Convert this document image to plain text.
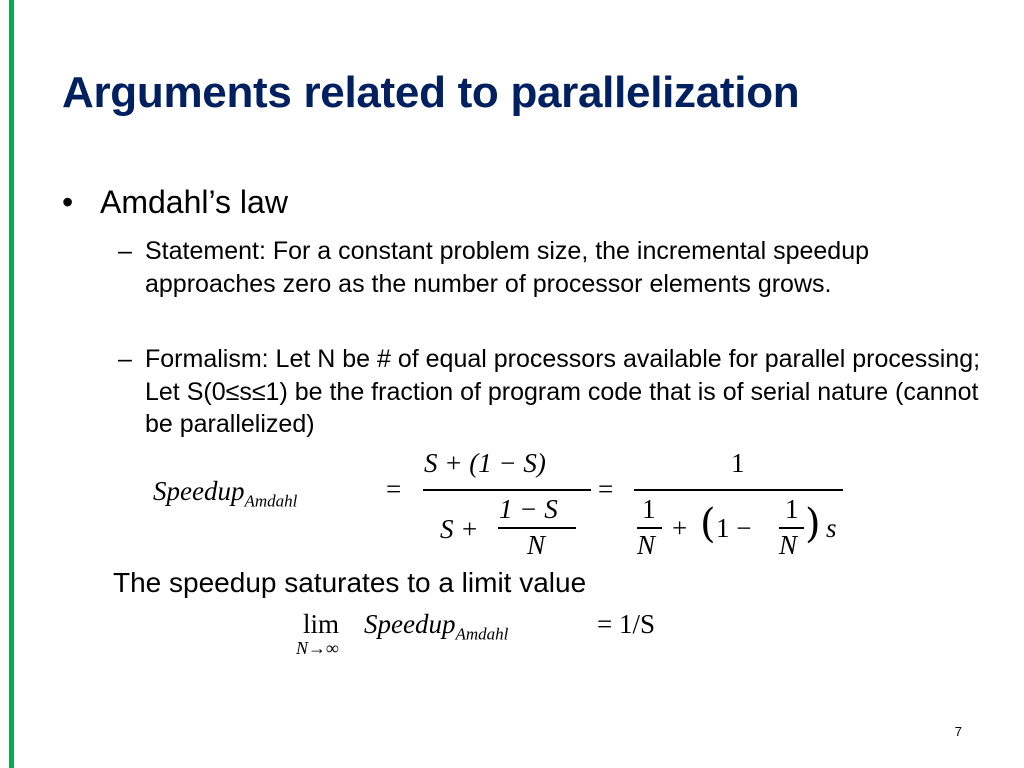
Arguments related to parallelization
• Amdahl’s law
– Statement: For a constant problem size, the incremental speedup approaches zero as the number of processor elements grows.
– Formalism: Let N be # of equal processors available for parallel processing; Let S(0≤s≤1) be the fraction of program code that is of serial nature (cannot be parallelized)
Speedup$_{Amdahl}$	=
S + (1 − S)
S +
1 − S
N
=
1
1
N
+ ( 1 −
1
N ) s
The speedup saturates to a limit value
lim
N→∞
Speedup$_{Amdahl}$	= 1/S
7
